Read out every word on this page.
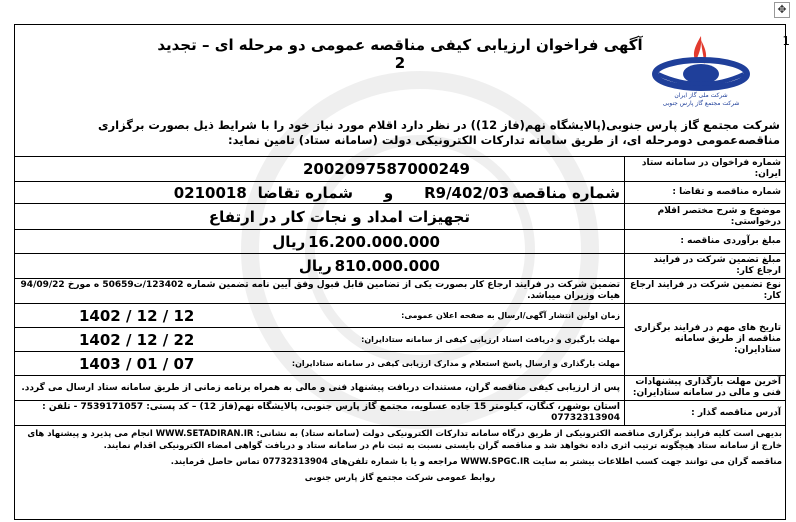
✥
1
آگهی فراخوان ارزیابی کیفی مناقصه عمومی دو مرحله ای – تجدید 2
شرکت ملی گاز ایران
شرکت مجتمع گاز پارس جنوبی
شرکت مجتمع گاز پارس جنوبی(پالایشگاه نهم(فاز 12)) در نظر دارد اقلام مورد نیاز خود را با شرایط ذیل بصورت برگزاری مناقصه‌عمومی دومرحله ای، از طریق سامانه تدارکات الکترونیکی دولت (سامانه ستاد) تامین نماید:
شماره فراخوان در سامانه ستاد ایران:	2002097587000249
شماره مناقصه و تقاضا :	شماره مناقصه R9/402/03 و شماره تقاضا 0210018
موضوع و شرح مختصر اقلام درخواستی:	تجهیزات امداد و نجات کار در ارتفاع
مبلغ برآوردی مناقصه :	16.200.000.000 ریال
مبلغ تضمین شرکت در فرایند ارجاع کار:	810.000.000 ریال
نوع تضمین شرکت در فرایند ارجاع کار:	تضمین شرکت در فرایند ارجاع کار بصورت یکی از تضامین قابل قبول وفق آیین نامه تضمین شماره 123402/ت50659 ه مورخ 94/09/22 هیات وزیران میباشد.
تاریخ های مهم در فرایند برگزاری مناقصه از طریق سامانه ستادایران:	زمان اولین انتشار آگهی/ارسال به صفحه اعلان عمومی:
1402 / 12 / 12

	مهلت بارگیری و دریافت اسناد ارزیابی کیفی از سامانه ستادایران:
1402 / 12 / 22

	مهلت بارگذاری و ارسال پاسخ استعلام و مدارک ارزیابی کیفی در سامانه ستادایران:
1403 / 01 / 07

آخرین مهلت بارگذاری پیشنهادات فنی و مالی در سامانه ستادایران:	پس از ارزیابی کیفی مناقصه گران، مستندات دریافت پیشنهاد فنی و مالی به همراه برنامه زمانی از طریق سامانه ستاد ارسال می گردد.
آدرس مناقصه گذار :	استان بوشهر، کنگان، کیلومتر 15 جاده عسلویه، مجتمع گاز پارس جنوبی، پالایشگاه نهم(فاز 12) – کد پستی: 7539171057 - تلفن : 07732313904

بدیهی است کلیه فرایند برگزاری مناقصه الکترونیکی از طریق درگاه سامانه تدارکات الکترونیکی دولت (سامانه ستاد) به نشانی: WWW.SETADIRAN.IR انجام می پذیرد و پیشنهاد های خارج از سامانه ستاد هیچگونه ترتیب اثری داده نخواهد شد و مناقصه گران بایستی نسبت به ثبت نام در سامانه ستاد و دریافت گواهی امضاء الکترونیکی اقدام نمایند.

مناقصه گران می توانند جهت کسب اطلاعات بیشتر به سایت WWW.SPGC.IR مراجعه و یا با شماره تلفن‌های 07732313904 تماس حاصل فرمایند.

روابط عمومی شرکت مجتمع گاز پارس جنوبی
